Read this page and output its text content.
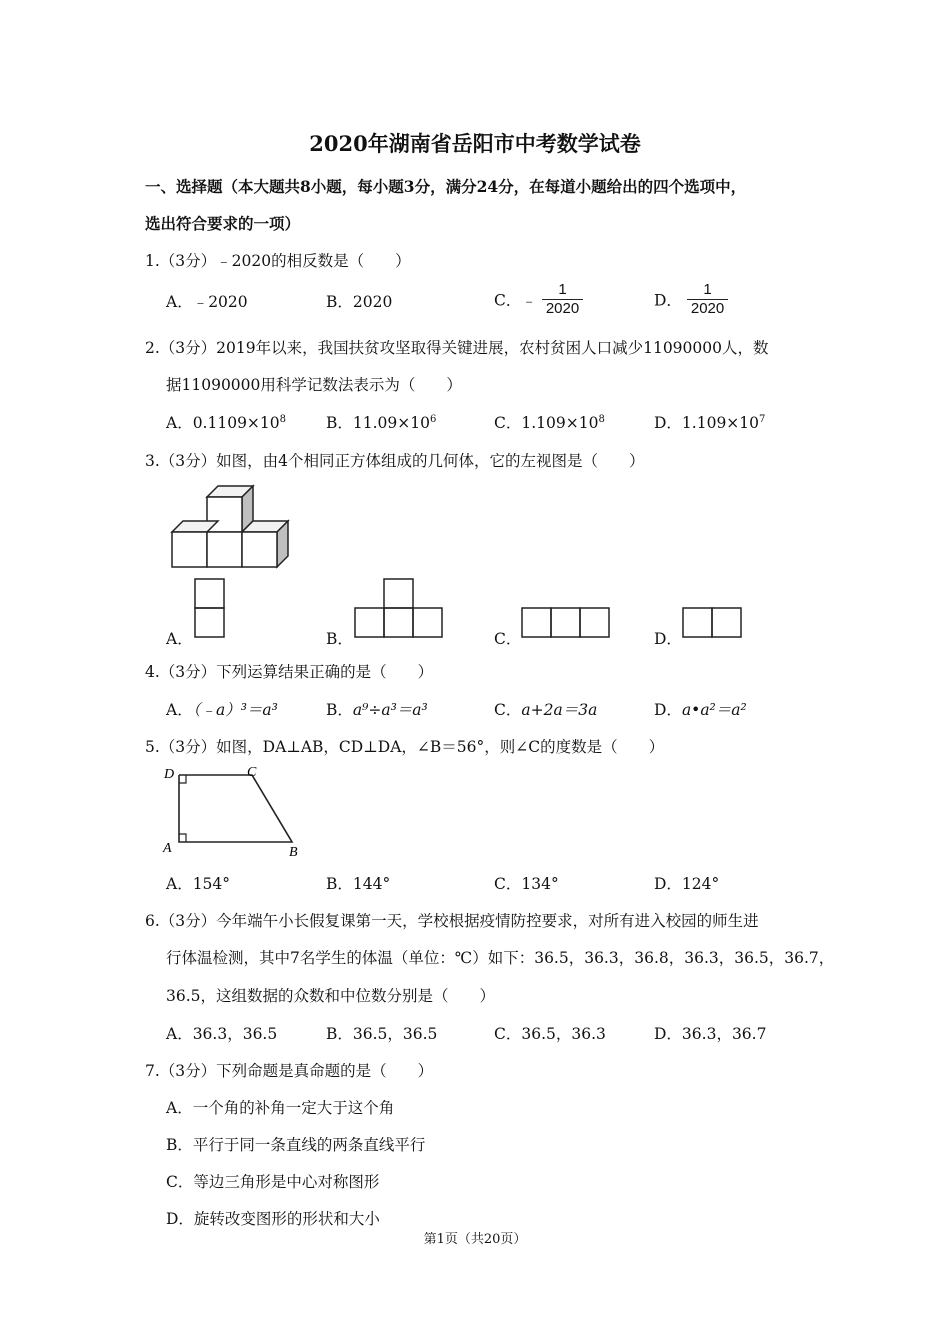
2020年湖南省岳阳市中考数学试卷
一、选择题（本大题共8小题，每小题3分，满分24分，在每道小题给出的四个选项中，
选出符合要求的一项）
1.（3分）﹣2020的相反数是（　　）
A．﹣2020	B．2020	C．﹣ $\frac{1}{2020}$	D． $\frac{1}{2020}$
2.（3分）2019年以来，我国扶贫攻坚取得关键进展，农村贫困人口减少11090000人，数
据11090000用科学记数法表示为（　　）
A．$0.1109\times 10^8$	B．$11.09\times 10^6$	C．$1.109\times 10^8$	D．$1.109\times 10^7$
3.（3分）如图，由4个相同正方体组成的几何体，它的左视图是（　　）
A．	B．	C．	D．
4.（3分）下列运算结果正确的是（　　）
A．（﹣a）³＝a³	B．a⁹÷a³＝a³	C．a+2a＝3a	D．a•a²＝a²
5.（3分）如图，DA⊥AB，CD⊥DA，∠B＝56°，则∠C的度数是（　　）
D	C
A	B
A．154°	B．144°	C．134°	D．124°
6.（3分）今年端午小长假复课第一天，学校根据疫情防控要求，对所有进入校园的师生进
行体温检测，其中7名学生的体温（单位：℃）如下：36.5，36.3，36.8，36.3，36.5，36.7，
36.5，这组数据的众数和中位数分别是（　　）
A．36.3，36.5	B．36.5，36.5	C．36.5，36.3	D．36.3，36.7
7.（3分）下列命题是真命题的是（　　）
A．一个角的补角一定大于这个角
B．平行于同一条直线的两条直线平行
C．等边三角形是中心对称图形
D．旋转改变图形的形状和大小
第1页（共20页）
